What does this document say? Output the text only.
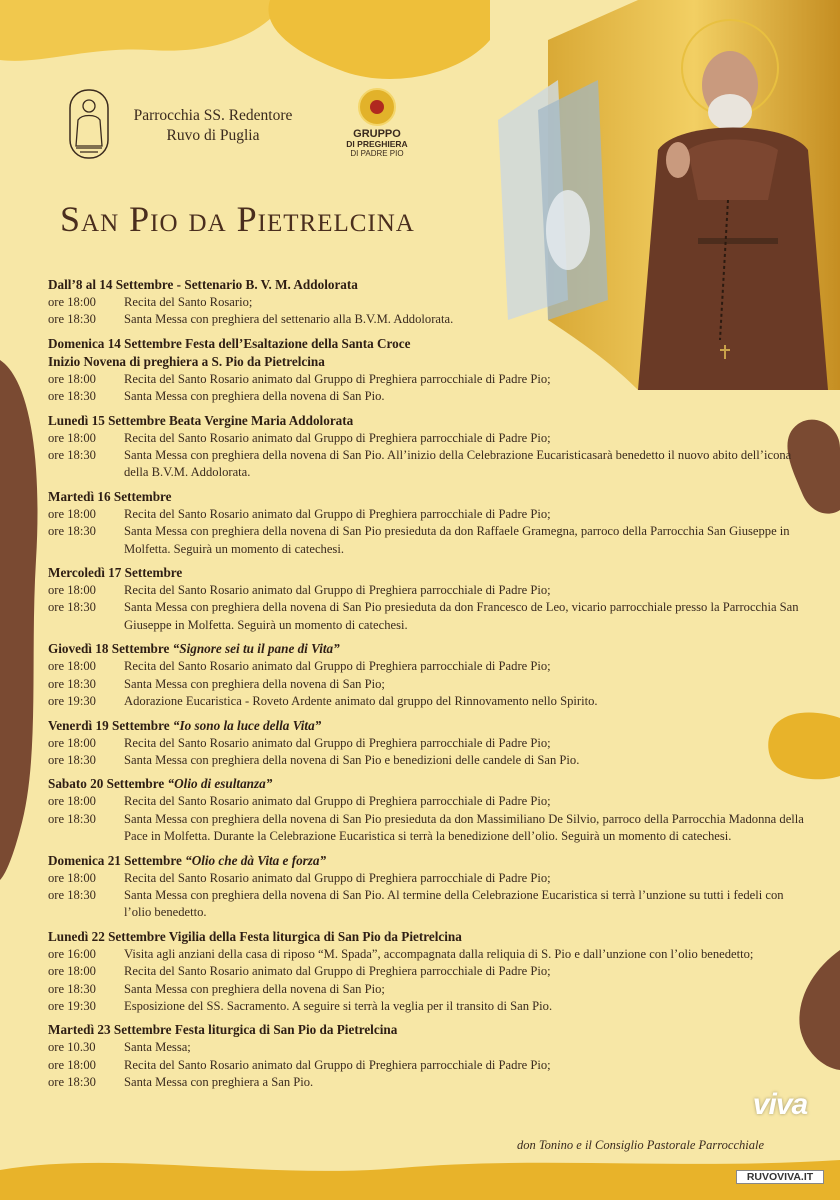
Parrocchia SS. Redentore
Ruvo di Puglia	GRUPPO
DI PREGHIERA
DI PADRE PIO
San Pio da Pietrelcina
Dall’8 al 14 Settembre - Settenario B. V. M. Addolorata
ore 18:00	Recita del Santo Rosario;
ore 18:30	Santa Messa con preghiera del settenario alla B.V.M. Addolorata.
Domenica 14 Settembre Festa dell’Esaltazione della Santa Croce
Inizio Novena di preghiera a S. Pio da Pietrelcina
ore 18:00	Recita del Santo Rosario animato dal Gruppo di Preghiera parrocchiale di Padre Pio;
ore 18:30	Santa Messa con preghiera della novena di San Pio.
Lunedì 15 Settembre Beata Vergine Maria Addolorata
ore 18:00	Recita del Santo Rosario animato dal Gruppo di Preghiera parrocchiale di Padre Pio;
ore 18:30	Santa Messa con preghiera della novena di San Pio. All’inizio della Celebrazione Eucaristicasarà benedetto il nuovo abito dell’icona della B.V.M. Addolorata.
Martedì 16 Settembre
ore 18:00	Recita del Santo Rosario animato dal Gruppo di Preghiera parrocchiale di Padre Pio;
ore 18:30	Santa Messa con preghiera della novena di San Pio presieduta da don Raffaele Gramegna, parroco della Parrocchia San Giuseppe in Molfetta. Seguirà un momento di catechesi.
Mercoledì 17 Settembre
ore 18:00	Recita del Santo Rosario animato dal Gruppo di Preghiera parrocchiale di Padre Pio;
ore 18:30	Santa Messa con preghiera della novena di San Pio presieduta da don Francesco de Leo, vicario parrocchiale presso la Parrocchia San Giuseppe in Molfetta. Seguirà un momento di catechesi.
Giovedì 18 Settembre “Signore sei tu il pane di Vita”
ore 18:00	Recita del Santo Rosario animato dal Gruppo di Preghiera parrocchiale di Padre Pio;
ore 18:30	Santa Messa con preghiera della novena di San Pio;
ore 19:30	Adorazione Eucaristica - Roveto Ardente animato dal gruppo del Rinnovamento nello Spirito.
Venerdì 19 Settembre “Io sono la luce della Vita”
ore 18:00	Recita del Santo Rosario animato dal Gruppo di Preghiera parrocchiale di Padre Pio;
ore 18:30	Santa Messa con preghiera della novena di San Pio e benedizioni delle candele di San Pio.
Sabato 20 Settembre “Olio di esultanza”
ore 18:00	Recita del Santo Rosario animato dal Gruppo di Preghiera parrocchiale di Padre Pio;
ore 18:30	Santa Messa con preghiera della novena di San Pio presieduta da don Massimiliano De Silvio, parroco della Parrocchia Madonna della Pace in Molfetta. Durante la Celebrazione Eucaristica si terrà la benedizione dell’olio. Seguirà un momento di catechesi.
Domenica 21 Settembre “Olio che dà Vita e forza”
ore 18:00	Recita del Santo Rosario animato dal Gruppo di Preghiera parrocchiale di Padre Pio;
ore 18:30	Santa Messa con preghiera della novena di San Pio. Al termine della Celebrazione Eucaristica si terrà l’unzione su tutti i fedeli con l’olio benedetto.
Lunedì 22 Settembre Vigilia della Festa liturgica di San Pio da Pietrelcina
ore 16:00	Visita agli anziani della casa di riposo “M. Spada”, accompagnata dalla reliquia di S. Pio e dall’unzione con l’olio benedetto;
ore 18:00	Recita del Santo Rosario animato dal Gruppo di Preghiera parrocchiale di Padre Pio;
ore 18:30	Santa Messa con preghiera della novena di San Pio;
ore 19:30	Esposizione del SS. Sacramento. A seguire si terrà la veglia per il transito di San Pio.
Martedì 23 Settembre Festa liturgica di San Pio da Pietrelcina
ore 10.30	Santa Messa;
ore 18:00	Recita del Santo Rosario animato dal Gruppo di Preghiera parrocchiale di Padre Pio;
ore 18:30	Santa Messa con preghiera a San Pio.
don Tonino e il Consiglio Pastorale Parrocchiale
viva
RUVOVIVA.IT
